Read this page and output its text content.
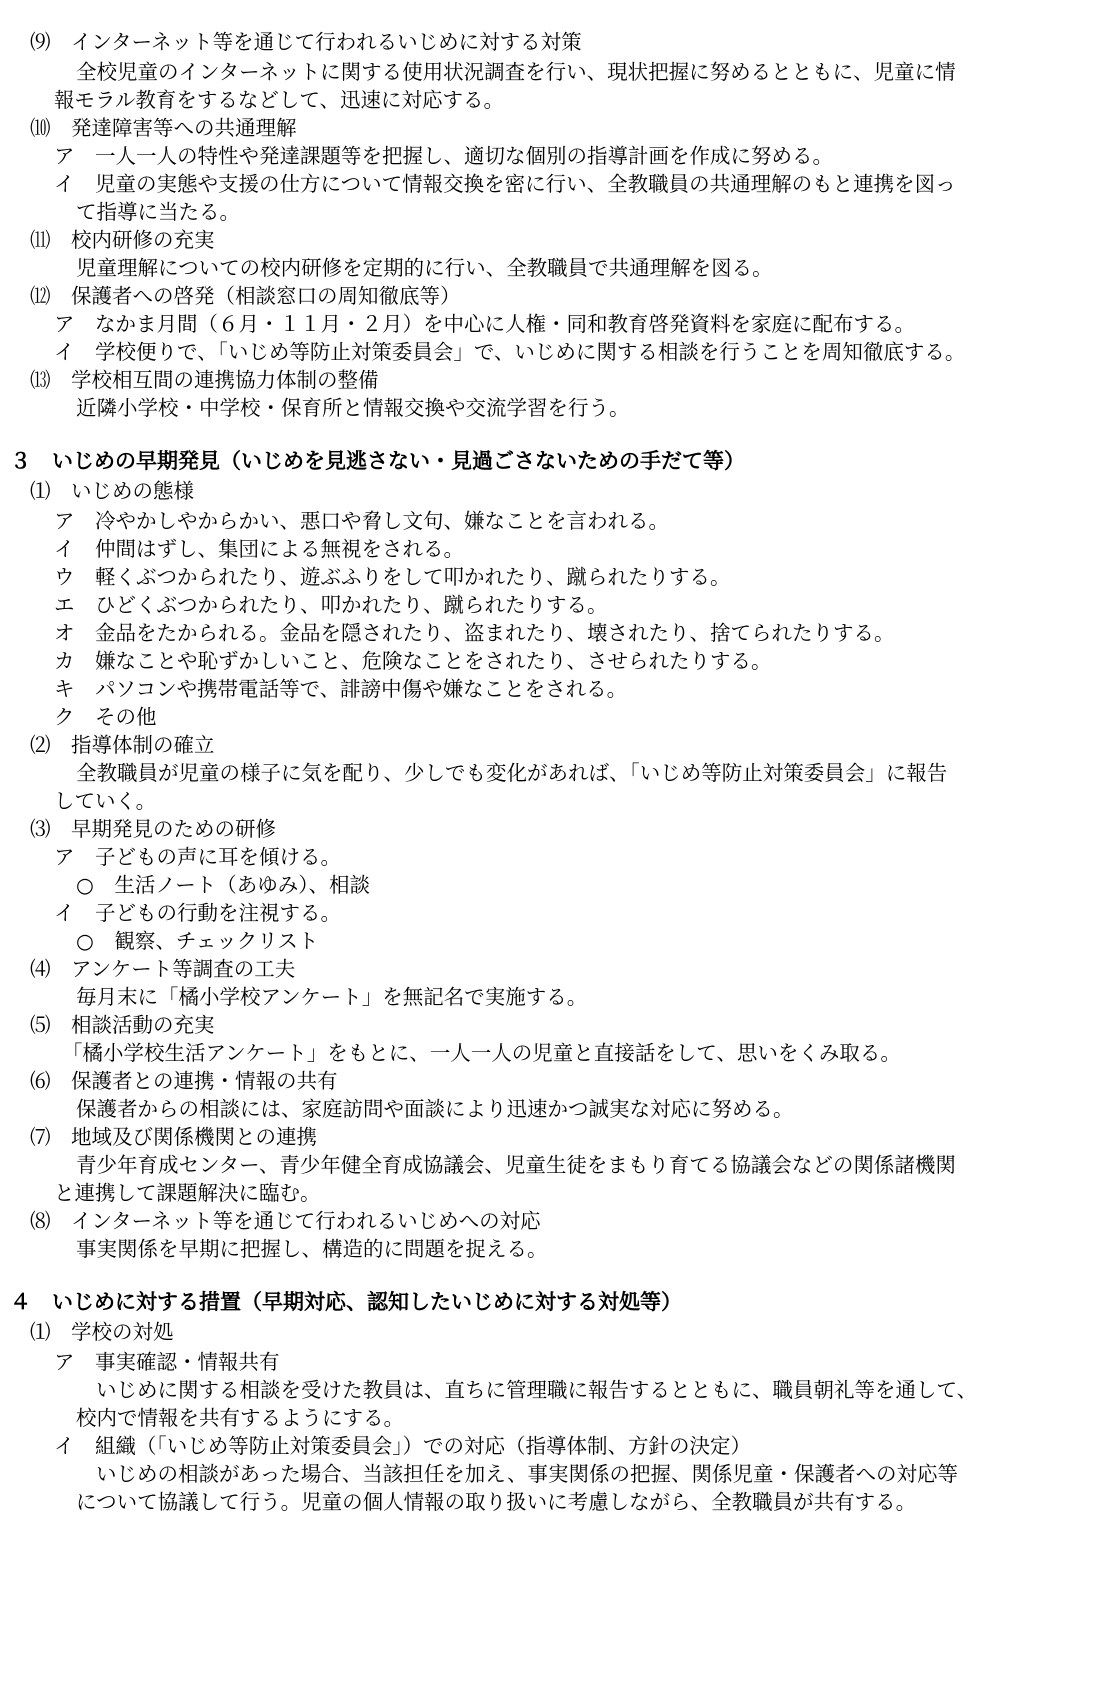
⑼　インターネット等を通じて行われるいじめに対する対策
全校児童のインターネットに関する使用状況調査を行い、現状把握に努めるとともに、児童に情
報モラル教育をするなどして、迅速に対応する。
⑽　発達障害等への共通理解
ア　一人一人の特性や発達課題等を把握し、適切な個別の指導計画を作成に努める。
イ　児童の実態や支援の仕方について情報交換を密に行い、全教職員の共通理解のもと連携を図っ
て指導に当たる。
⑾　校内研修の充実
児童理解についての校内研修を定期的に行い、全教職員で共通理解を図る。
⑿　保護者への啓発（相談窓口の周知徹底等）
ア　なかま月間（６月・１１月・２月）を中心に人権・同和教育啓発資料を家庭に配布する。
イ　学校便りで、「いじめ等防止対策委員会」で、いじめに関する相談を行うことを周知徹底する。
⒀　学校相互間の連携協力体制の整備
近隣小学校・中学校・保育所と情報交換や交流学習を行う。
３　いじめの早期発見（いじめを見逃さない・見過ごさないための手だて等）
⑴　いじめの態様
ア　冷やかしやからかい、悪口や脅し文句、嫌なことを言われる。
イ　仲間はずし、集団による無視をされる。
ウ　軽くぶつかられたり、遊ぶふりをして叩かれたり、蹴られたりする。
エ　ひどくぶつかられたり、叩かれたり、蹴られたりする。
オ　金品をたかられる。金品を隠されたり、盗まれたり、壊されたり、捨てられたりする。
カ　嫌なことや恥ずかしいこと、危険なことをされたり、させられたりする。
キ　パソコンや携帯電話等で、誹謗中傷や嫌なことをされる。
ク　その他
⑵　指導体制の確立
全教職員が児童の様子に気を配り、少しでも変化があれば、「いじめ等防止対策委員会」に報告
していく。
⑶　早期発見のための研修
ア　子どもの声に耳を傾ける。
○　生活ノート（あゆみ）、相談
イ　子どもの行動を注視する。
○　観察、チェックリスト
⑷　アンケート等調査の工夫
毎月末に「橘小学校アンケート」を無記名で実施する。
⑸　相談活動の充実
「橘小学校生活アンケート」をもとに、一人一人の児童と直接話をして、思いをくみ取る。
⑹　保護者との連携・情報の共有
保護者からの相談には、家庭訪問や面談により迅速かつ誠実な対応に努める。
⑺　地域及び関係機関との連携
青少年育成センター、青少年健全育成協議会、児童生徒をまもり育てる協議会などの関係諸機関
と連携して課題解決に臨む。
⑻　インターネット等を通じて行われるいじめへの対応
事実関係を早期に把握し、構造的に問題を捉える。
４　いじめに対する措置（早期対応、認知したいじめに対する対処等）
⑴　学校の対処
ア　事実確認・情報共有
いじめに関する相談を受けた教員は、直ちに管理職に報告するとともに、職員朝礼等を通して、
校内で情報を共有するようにする。
イ　組織（「いじめ等防止対策委員会」）での対応（指導体制、方針の決定）
いじめの相談があった場合、当該担任を加え、事実関係の把握、関係児童・保護者への対応等
について協議して行う。児童の個人情報の取り扱いに考慮しながら、全教職員が共有する。
